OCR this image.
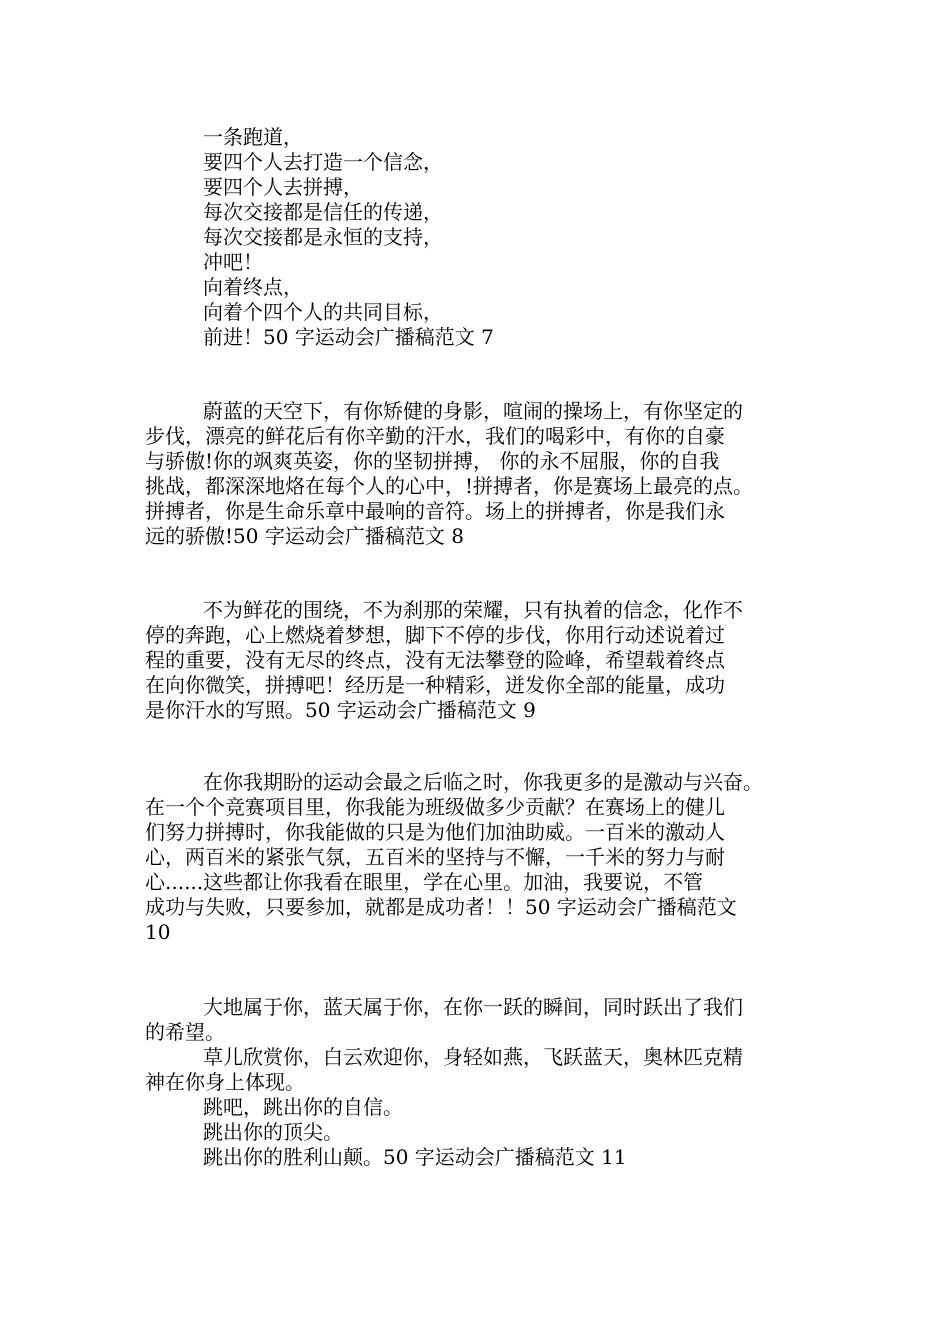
一条跑道，
要四个人去打造一个信念，
要四个人去拼搏，
每次交接都是信任的传递，
每次交接都是永恒的支持，
冲吧！
向着终点，
向着个四个人的共同目标，
前进！50 字运动会广播稿范文 7
蔚蓝的天空下，有你矫健的身影，喧闹的操场上，有你坚定的
步伐，漂亮的鲜花后有你辛勤的汗水，我们的喝彩中，有你的自豪
与骄傲!你的飒爽英姿，你的坚韧拼搏， 你的永不屈服，你的自我
挑战，都深深地烙在每个人的心中，!拼搏者，你是赛场上最亮的点。
拼搏者，你是生命乐章中最响的音符。场上的拼搏者，你是我们永
远的骄傲!50 字运动会广播稿范文 8
不为鲜花的围绕，不为刹那的荣耀，只有执着的信念，化作不
停的奔跑，心上燃烧着梦想，脚下不停的步伐，你用行动述说着过
程的重要，没有无尽的终点，没有无法攀登的险峰，希望载着终点
在向你微笑，拼搏吧！经历是一种精彩，迸发你全部的能量，成功
是你汗水的写照。50 字运动会广播稿范文 9
在你我期盼的运动会最之后临之时，你我更多的是激动与兴奋。
在一个个竞赛项目里，你我能为班级做多少贡献？在赛场上的健儿
们努力拼搏时，你我能做的只是为他们加油助威。一百米的激动人
心，两百米的紧张气氛，五百米的坚持与不懈，一千米的努力与耐
心......这些都让你我看在眼里，学在心里。加油，我要说，不管
成功与失败，只要参加，就都是成功者！！50 字运动会广播稿范文
10
大地属于你，蓝天属于你，在你一跃的瞬间，同时跃出了我们
的希望。
草儿欣赏你，白云欢迎你，身轻如燕，飞跃蓝天，奥林匹克精
神在你身上体现。
跳吧，跳出你的自信。
跳出你的顶尖。
跳出你的胜利山颠。50 字运动会广播稿范文 11
